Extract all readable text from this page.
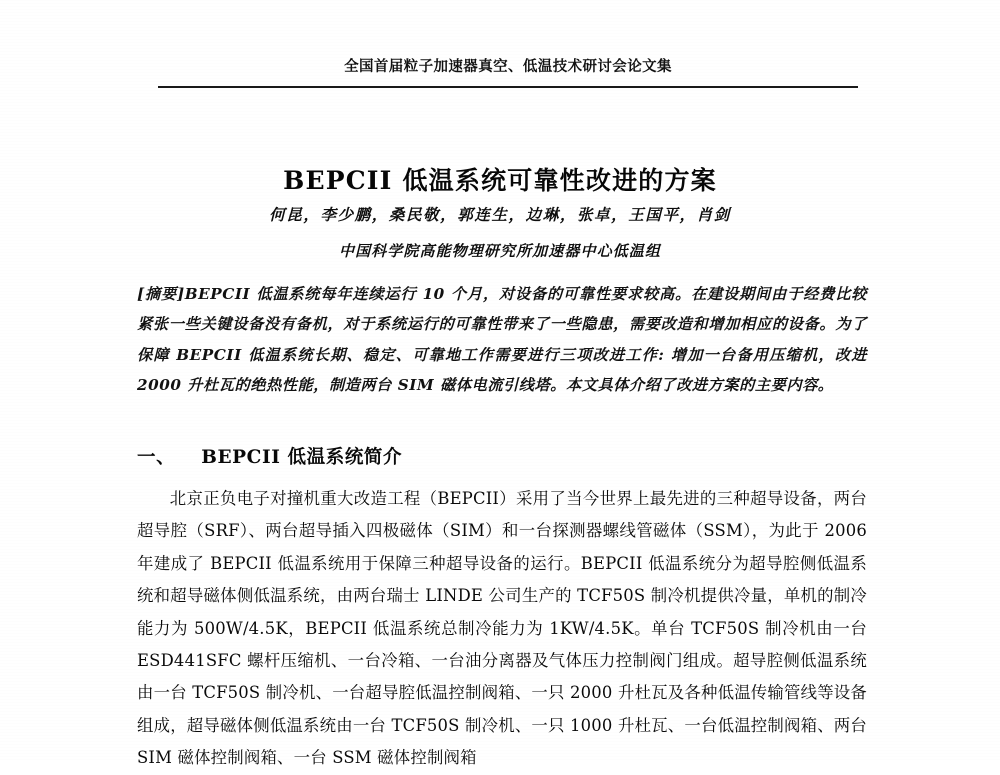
全国首届粒子加速器真空、低温技术研讨会论文集
BEPCII 低温系统可靠性改进的方案
何昆，李少鹏，桑民敬，郭连生，边琳，张卓，王国平，肖剑
中国科学院高能物理研究所加速器中心低温组
[摘要]BEPCII 低温系统每年连续运行 10 个月，对设备的可靠性要求较高。在建设期间由于经费比较紧张一些关键设备没有备机，对于系统运行的可靠性带来了一些隐患，需要改造和增加相应的设备。为了保障 BEPCII 低温系统长期、稳定、可靠地工作需要进行三项改进工作: 增加一台备用压缩机，改进 2000 升杜瓦的绝热性能，制造两台 SIM 磁体电流引线塔。本文具体介绍了改进方案的主要内容。
一、 BEPCII 低温系统简介
北京正负电子对撞机重大改造工程（BEPCII）采用了当今世界上最先进的三种超导设备，两台超导腔（SRF）、两台超导插入四极磁体（SIM）和一台探测器螺线管磁体（SSM），为此于 2006 年建成了 BEPCII 低温系统用于保障三种超导设备的运行。BEPCII 低温系统分为超导腔侧低温系统和超导磁体侧低温系统，由两台瑞士 LINDE 公司生产的 TCF50S 制冷机提供冷量，单机的制冷能力为 500W/4.5K，BEPCII 低温系统总制冷能力为 1KW/4.5K。单台 TCF50S 制冷机由一台 ESD441SFC 螺杆压缩机、一台冷箱、一台油分离器及气体压力控制阀门组成。超导腔侧低温系统由一台 TCF50S 制冷机、一台超导腔低温控制阀箱、一只 2000 升杜瓦及各种低温传输管线等设备组成，超导磁体侧低温系统由一台 TCF50S 制冷机、一只 1000 升杜瓦、一台低温控制阀箱、两台 SIM 磁体控制阀箱、一台 SSM 磁体控制阀箱
